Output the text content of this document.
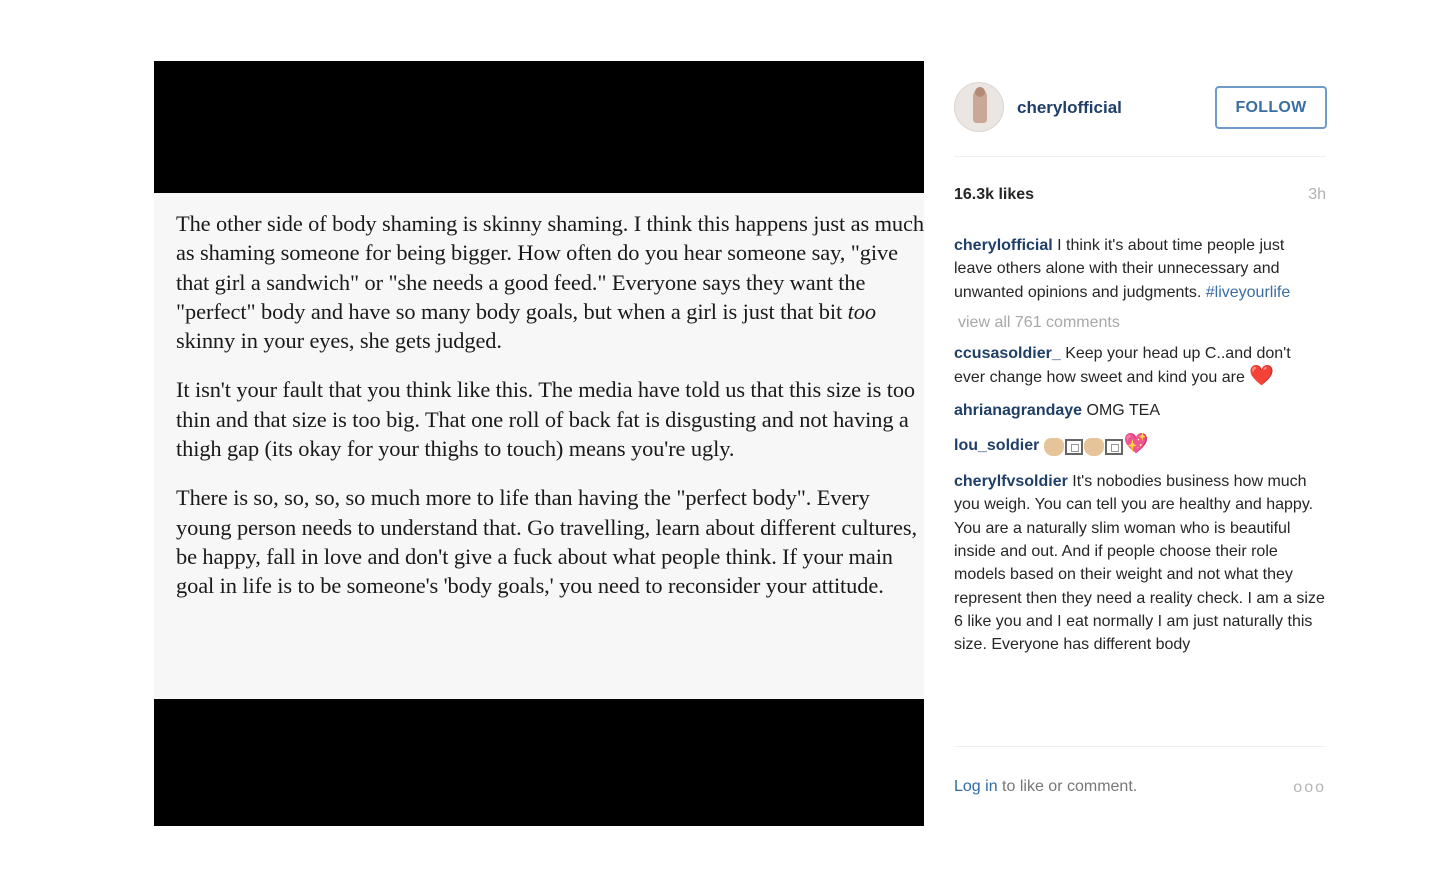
The other side of body shaming is skinny shaming. I think this happens just as much as shaming someone for being bigger. How often do you hear someone say, "give that girl a sandwich" or "she needs a good feed." Everyone says they want the "perfect" body and have so many body goals, but when a girl is just that bit too skinny in your eyes, she gets judged.

It isn't your fault that you think like this. The media have told us that this size is too thin and that size is too big. That one roll of back fat is disgusting and not having a thigh gap (its okay for your thighs to touch) means you're ugly.

There is so, so, so, so much more to life than having the "perfect body". Every young person needs to understand that. Go travelling, learn about different cultures, be happy, fall in love and don't give a fuck about what people think. If your main goal in life is to be someone's 'body goals,' you need to reconsider your attitude.

cherylofficial	FOLLOW
16.3k likes	3h
cherylofficial I think it's about time people just leave others alone with their unnecessary and unwanted opinions and judgments. #liveyourlife
view all 761 comments
ccusasoldier_ Keep your head up C..and don't ever change how sweet and kind you are ❤️
ahrianagrandaye OMG TEA
lou_soldier	💖
cherylfvsoldier It's nobodies business how much you weigh. You can tell you are healthy and happy. You are a naturally slim woman who is beautiful inside and out. And if people choose their role models based on their weight and not what they represent then they need a reality check. I am a size 6 like you and I eat normally I am just naturally this size. Everyone has different body
Log in to like or comment.	ooo
